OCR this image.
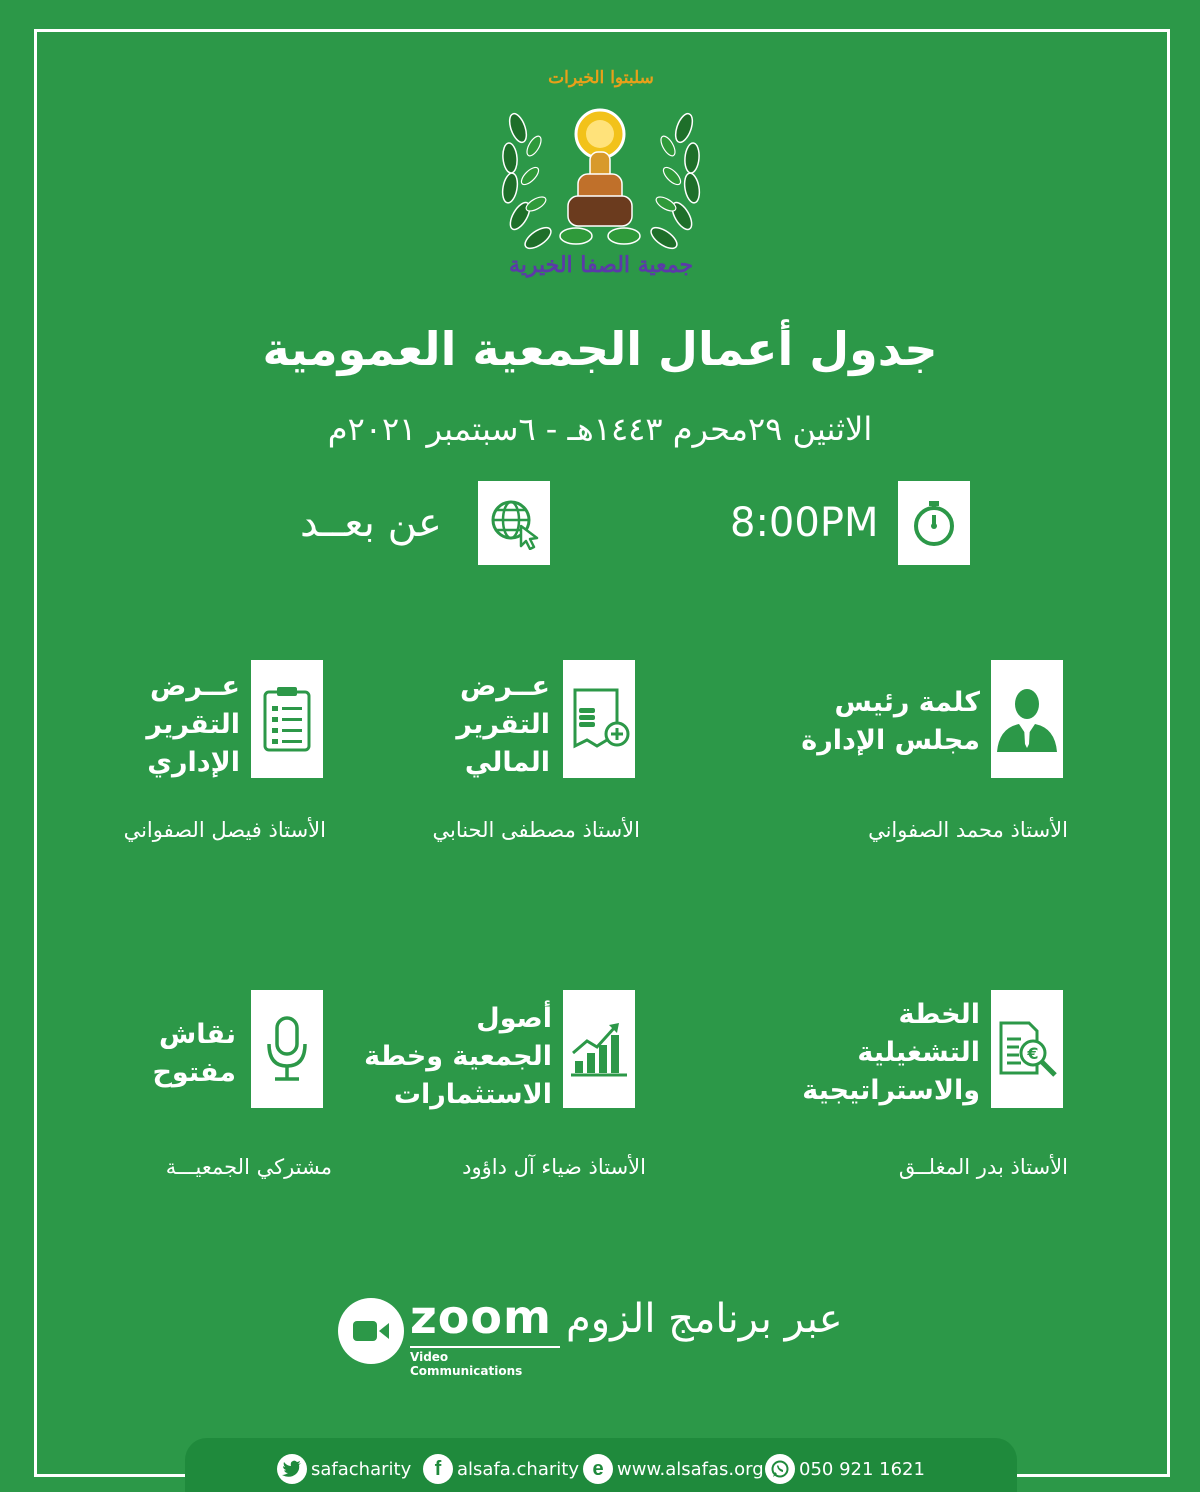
سلبتوا الخيرات
جمعية الصفا الخيرية
جدول أعمال الجمعية العمومية
الاثنين ٢٩محرم ١٤٤٣هـ - ٦سبتمبر ٢٠٢١م
8:00PM
عن بعــد
كلمة رئيس
مجلس الإدارة
الأستاذ محمد الصفواني
عــرض
التقرير
المالي
الأستاذ مصطفى الحنابي
عــرض
التقرير
الإداري
الأستاذ فيصل الصفواني
€
الخطة
التشغيلية
والاستراتيجية
الأستاذ بدر المغلــق
أصول
الجمعية وخطة
الاستثمارات
الأستاذ ضياء آل داؤود
نقاش
مفتوح
مشتركي الجمعيـــة
zoom
Video Communications
عبر برنامج الزوم
safacharity f alsafa.charity e www.alsafas.org 050 921 1621
